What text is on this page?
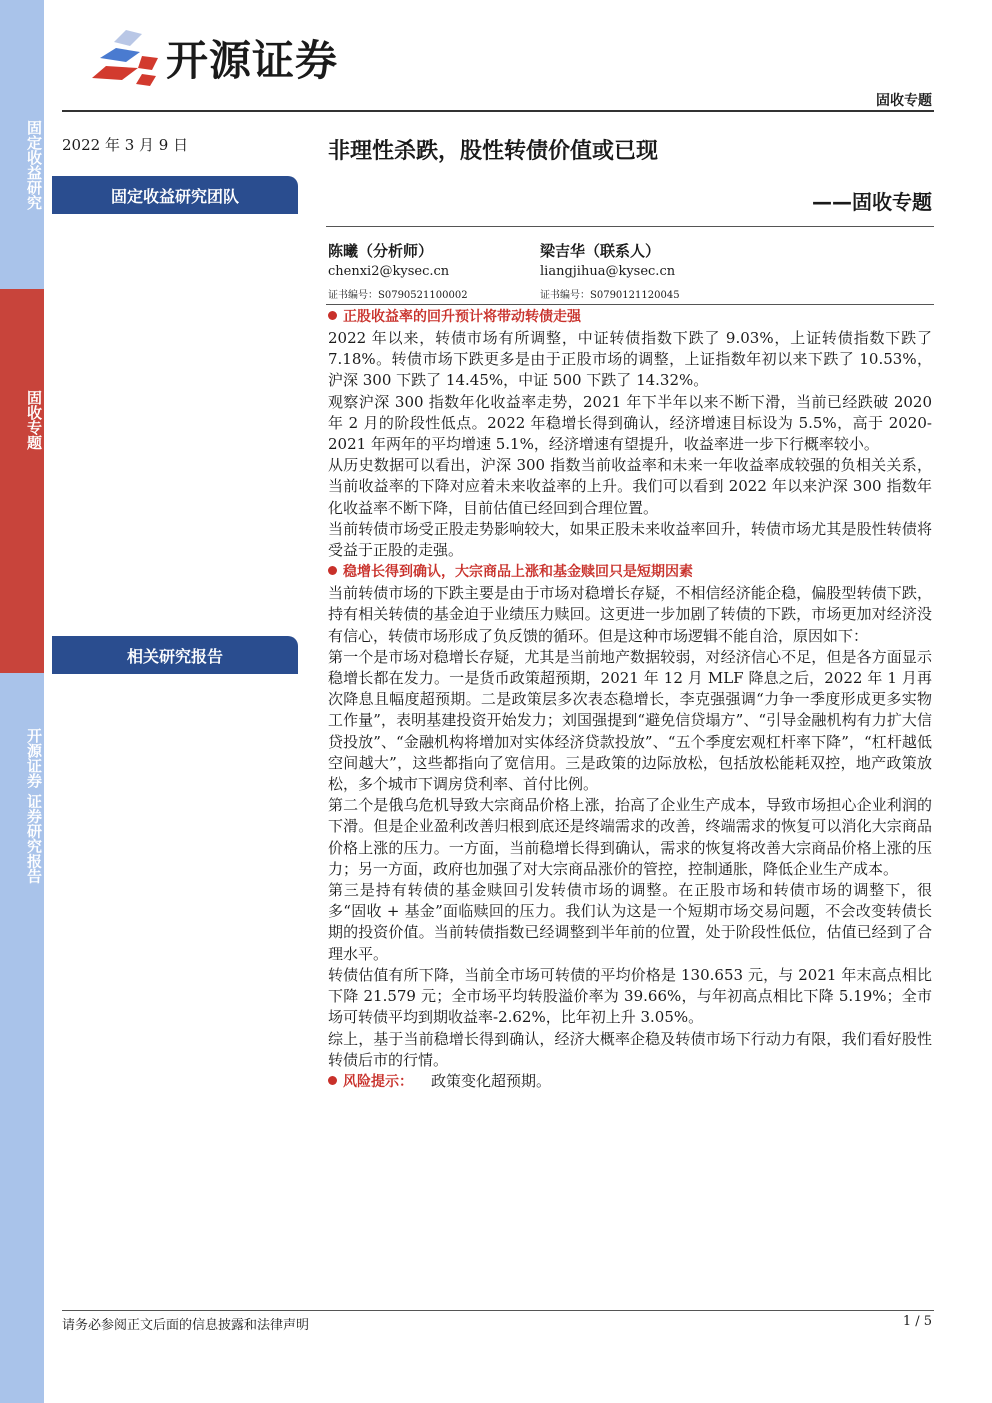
固定收益研究
固收专题
开源证券 证券研究报告
开源证券
固收专题
2022 年 3 月 9 日
固定收益研究团队
相关研究报告
非理性杀跌，股性转债价值或已现
——固收专题
陈曦（分析师）
chenxi2@kysec.cn
证书编号：S0790521100002
梁吉华（联系人）
liangjihua@kysec.cn
证书编号：S0790121120045
正股收益率的回升预计将带动转债走强

2022 年以来，转债市场有所调整，中证转债指数下跌了 9.03%，上证转债指数下跌了 7.18%。转债市场下跌更多是由于正股市场的调整，上证指数年初以来下跌了 10.53%，沪深 300 下跌了 14.45%，中证 500 下跌了 14.32%。

观察沪深 300 指数年化收益率走势，2021 年下半年以来不断下滑，当前已经跌破 2020 年 2 月的阶段性低点。2022 年稳增长得到确认，经济增速目标设为 5.5%，高于 2020-2021 年两年的平均增速 5.1%，经济增速有望提升，收益率进一步下行概率较小。

从历史数据可以看出，沪深 300 指数当前收益率和未来一年收益率成较强的负相关关系，当前收益率的下降对应着未来收益率的上升。我们可以看到 2022 年以来沪深 300 指数年化收益率不断下降，目前估值已经回到合理位置。

当前转债市场受正股走势影响较大，如果正股未来收益率回升，转债市场尤其是股性转债将受益于正股的走强。

稳增长得到确认，大宗商品上涨和基金赎回只是短期因素

当前转债市场的下跌主要是由于市场对稳增长存疑，不相信经济能企稳，偏股型转债下跌，持有相关转债的基金迫于业绩压力赎回。这更进一步加剧了转债的下跌，市场更加对经济没有信心，转债市场形成了负反馈的循环。但是这种市场逻辑不能自洽，原因如下：

第一个是市场对稳增长存疑，尤其是当前地产数据较弱，对经济信心不足，但是各方面显示稳增长都在发力。一是货币政策超预期，2021 年 12 月 MLF 降息之后，2022 年 1 月再次降息且幅度超预期。二是政策层多次表态稳增长，李克强强调“力争一季度形成更多实物工作量”，表明基建投资开始发力；刘国强提到“避免信贷塌方”、“引导金融机构有力扩大信贷投放”、“金融机构将增加对实体经济贷款投放”、“五个季度宏观杠杆率下降”，“杠杆越低空间越大”，这些都指向了宽信用。三是政策的边际放松，包括放松能耗双控，地产政策放松，多个城市下调房贷利率、首付比例。

第二个是俄乌危机导致大宗商品价格上涨，抬高了企业生产成本，导致市场担心企业利润的下滑。但是企业盈利改善归根到底还是终端需求的改善，终端需求的恢复可以消化大宗商品价格上涨的压力。一方面，当前稳增长得到确认，需求的恢复将改善大宗商品价格上涨的压力；另一方面，政府也加强了对大宗商品涨价的管控，控制通胀，降低企业生产成本。

第三是持有转债的基金赎回引发转债市场的调整。在正股市场和转债市场的调整下，很多“固收 + 基金”面临赎回的压力。我们认为这是一个短期市场交易问题，不会改变转债长期的投资价值。当前转债指数已经调整到半年前的位置，处于阶段性低位，估值已经到了合理水平。

转债估值有所下降，当前全市场可转债的平均价格是 130.653 元，与 2021 年末高点相比下降 21.579 元；全市场平均转股溢价率为 39.66%，与年初高点相比下降 5.19%；全市场可转债平均到期收益率-2.62%，比年初上升 3.05%。

综上，基于当前稳增长得到确认，经济大概率企稳及转债市场下行动力有限，我们看好股性转债后市的行情。

风险提示： 政策变化超预期。
请务必参阅正文后面的信息披露和法律声明	1 / 5
